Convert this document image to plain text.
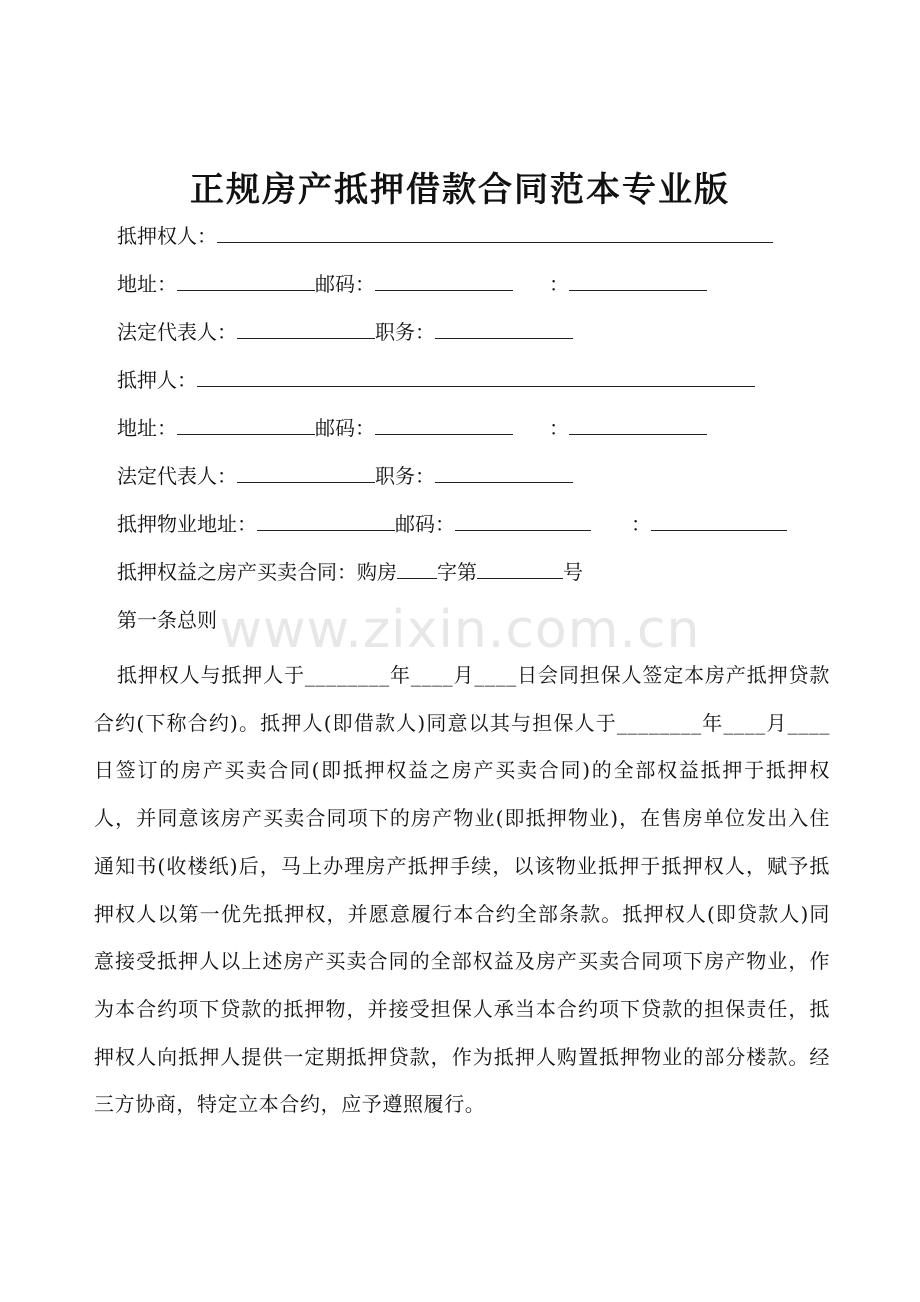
正规房产抵押借款合同范本专业版
抵押权人：
地址：	邮码：	：
法定代表人：	职务：
抵押人：
地址：	邮码：	：
法定代表人：	职务：
抵押物业地址：	邮码：	：
抵押权益之房产买卖合同：购房 字第	号
www.zixin.com.cn
第一条总则

抵押权人与抵押人于________年____月____日会同担保人签定本房产抵押贷款合约(下称合约)。抵押人(即借款人)同意以其与担保人于________年____月____日签订的房产买卖合同(即抵押权益之房产买卖合同)的全部权益抵押于抵押权人，并同意该房产买卖合同项下的房产物业(即抵押物业)，在售房单位发出入住通知书(收楼纸)后，马上办理房产抵押手续，以该物业抵押于抵押权人，赋予抵押权人以第一优先抵押权，并愿意履行本合约全部条款。抵押权人(即贷款人)同意接受抵押人以上述房产买卖合同的全部权益及房产买卖合同项下房产物业，作为本合约项下贷款的抵押物，并接受担保人承当本合约项下贷款的担保责任，抵押权人向抵押人提供一定期抵押贷款，作为抵押人购置抵押物业的部分楼款。经三方协商，特定立本合约，应予遵照履行。
